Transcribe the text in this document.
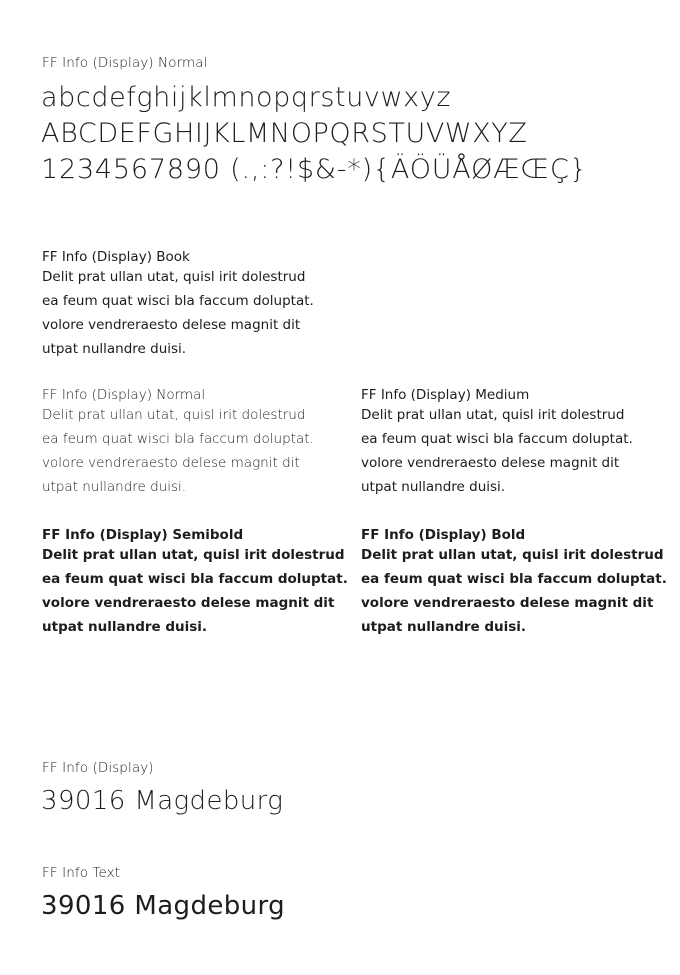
FF Info (Display) Normal
abcdefghijklmnopqrstuvwxyz
ABCDEFGHIJKLMNOPQRSTUVWXYZ
1234567890 (.,:?!$&-*){ÄÖÜÅØÆŒÇ}
FF Info (Display) Book
Delit prat ullan utat, quisl irit dolestrud
ea feum quat wisci bla faccum doluptat.
volore vendreraesto delese magnit dit
utpat nullandre duisi.
FF Info (Display) Normal
Delit prat ullan utat, quisl irit dolestrud
ea feum quat wisci bla faccum doluptat.
volore vendreraesto delese magnit dit
utpat nullandre duisi.
FF Info (Display) Medium
Delit prat ullan utat, quisl irit dolestrud
ea feum quat wisci bla faccum doluptat.
volore vendreraesto delese magnit dit
utpat nullandre duisi.
FF Info (Display) Semibold
Delit prat ullan utat, quisl irit dolestrud
ea feum quat wisci bla faccum doluptat.
volore vendreraesto delese magnit dit
utpat nullandre duisi.
FF Info (Display) Bold
Delit prat ullan utat, quisl irit dolestrud
ea feum quat wisci bla faccum doluptat.
volore vendreraesto delese magnit dit
utpat nullandre duisi.
FF Info (Display)
39016 Magdeburg
FF Info Text
39016 Magdeburg
